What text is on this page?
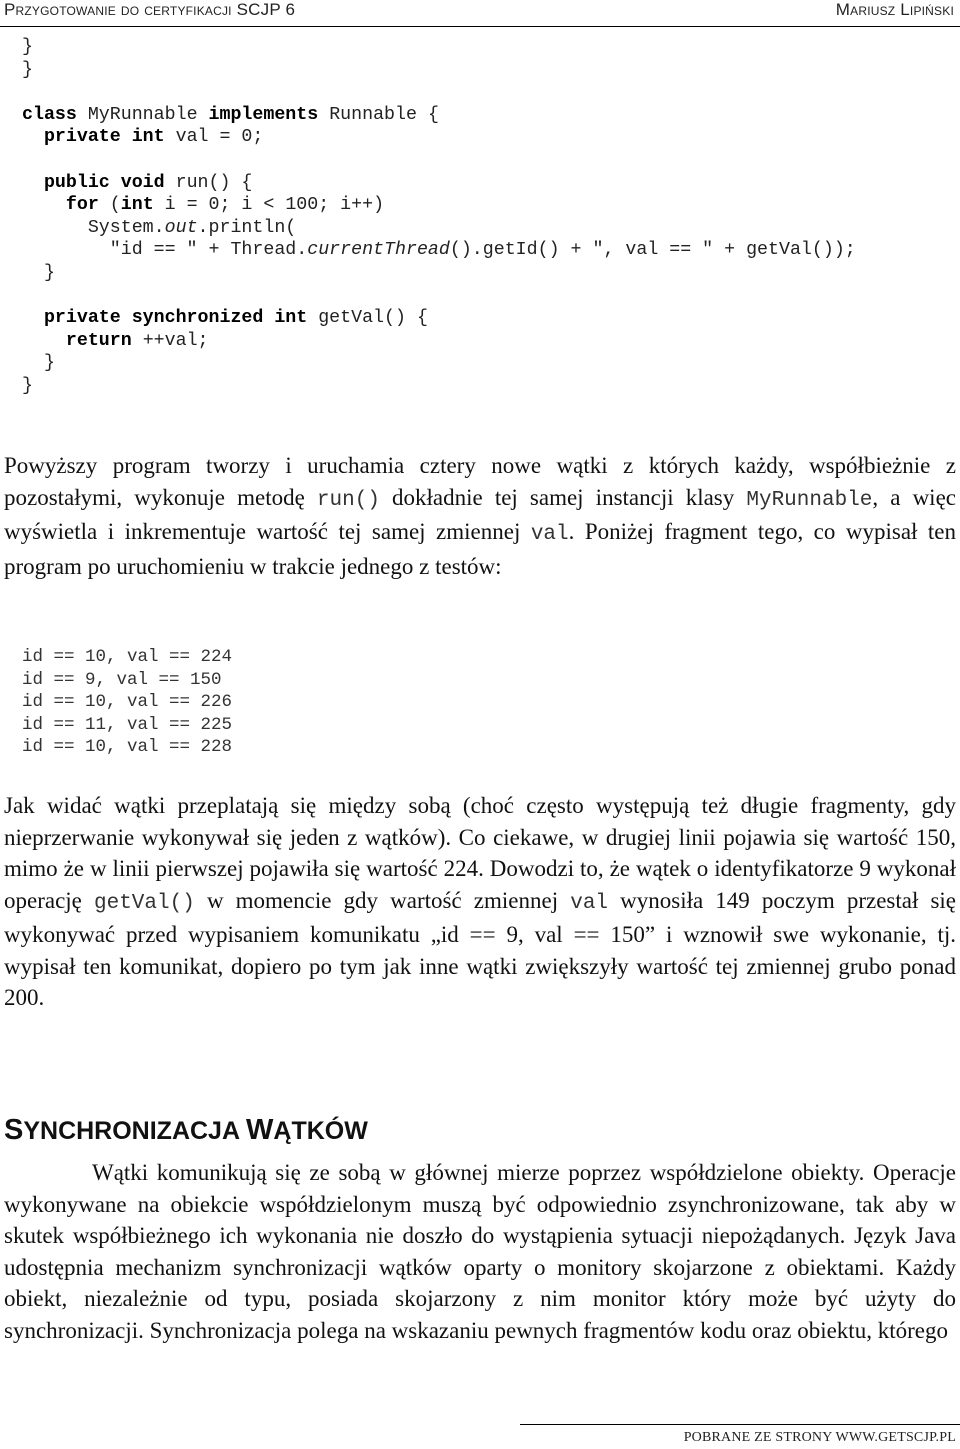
Przygotowanie do certyfikacji SCJP 6	Mariusz Lipiński
}
}

class MyRunnable implements Runnable {
private int val = 0;

public void run() {
for (int i = 0; i < 100; i++)
System.out.println(
"id == " + Thread.currentThread().getId() + ", val == " + getVal());
}

private synchronized int getVal() {
return ++val;
}
}

Powyższy program tworzy i uruchamia cztery nowe wątki z których każdy, współbieżnie z pozostałymi, wykonuje metodę run() dokładnie tej samej instancji klasy MyRunnable, a więc wyświetla i inkrementuje wartość tej samej zmiennej val. Poniżej fragment tego, co wypisał ten program po uruchomieniu w trakcie jednego z testów:

id == 10, val == 224
id == 9, val == 150
id == 10, val == 226
id == 11, val == 225
id == 10, val == 228

Jak widać wątki przeplatają się między sobą (choć często występują też długie fragmenty, gdy nieprzerwanie wykonywał się jeden z wątków). Co ciekawe, w drugiej linii pojawia się wartość 150, mimo że w linii pierwszej pojawiła się wartość 224. Dowodzi to, że wątek o identyfikatorze 9 wykonał operację getVal() w momencie gdy wartość zmiennej val wynosiła 149 poczym przestał się wykonywać przed wypisaniem komunikatu „id == 9, val == 150” i wznowił swe wykonanie, tj. wypisał ten komunikat, dopiero po tym jak inne wątki zwiększyły wartość tej zmiennej grubo ponad 200.

SYNCHRONIZACJA WĄTKÓW

Wątki komunikują się ze sobą w głównej mierze poprzez współdzielone obiekty. Operacje wykonywane na obiekcie współdzielonym muszą być odpowiednio zsynchronizowane, tak aby w skutek współbieżnego ich wykonania nie doszło do wystąpienia sytuacji niepożądanych. Język Java udostępnia mechanizm synchronizacji wątków oparty o monitory skojarzone z obiektami. Każdy obiekt, niezależnie od typu, posiada skojarzony z nim monitor który może być użyty do synchronizacji. Synchronizacja polega na wskazaniu pewnych fragmentów kodu oraz obiektu, którego

POBRANE ZE STRONY WWW.GETSCJP.PL
